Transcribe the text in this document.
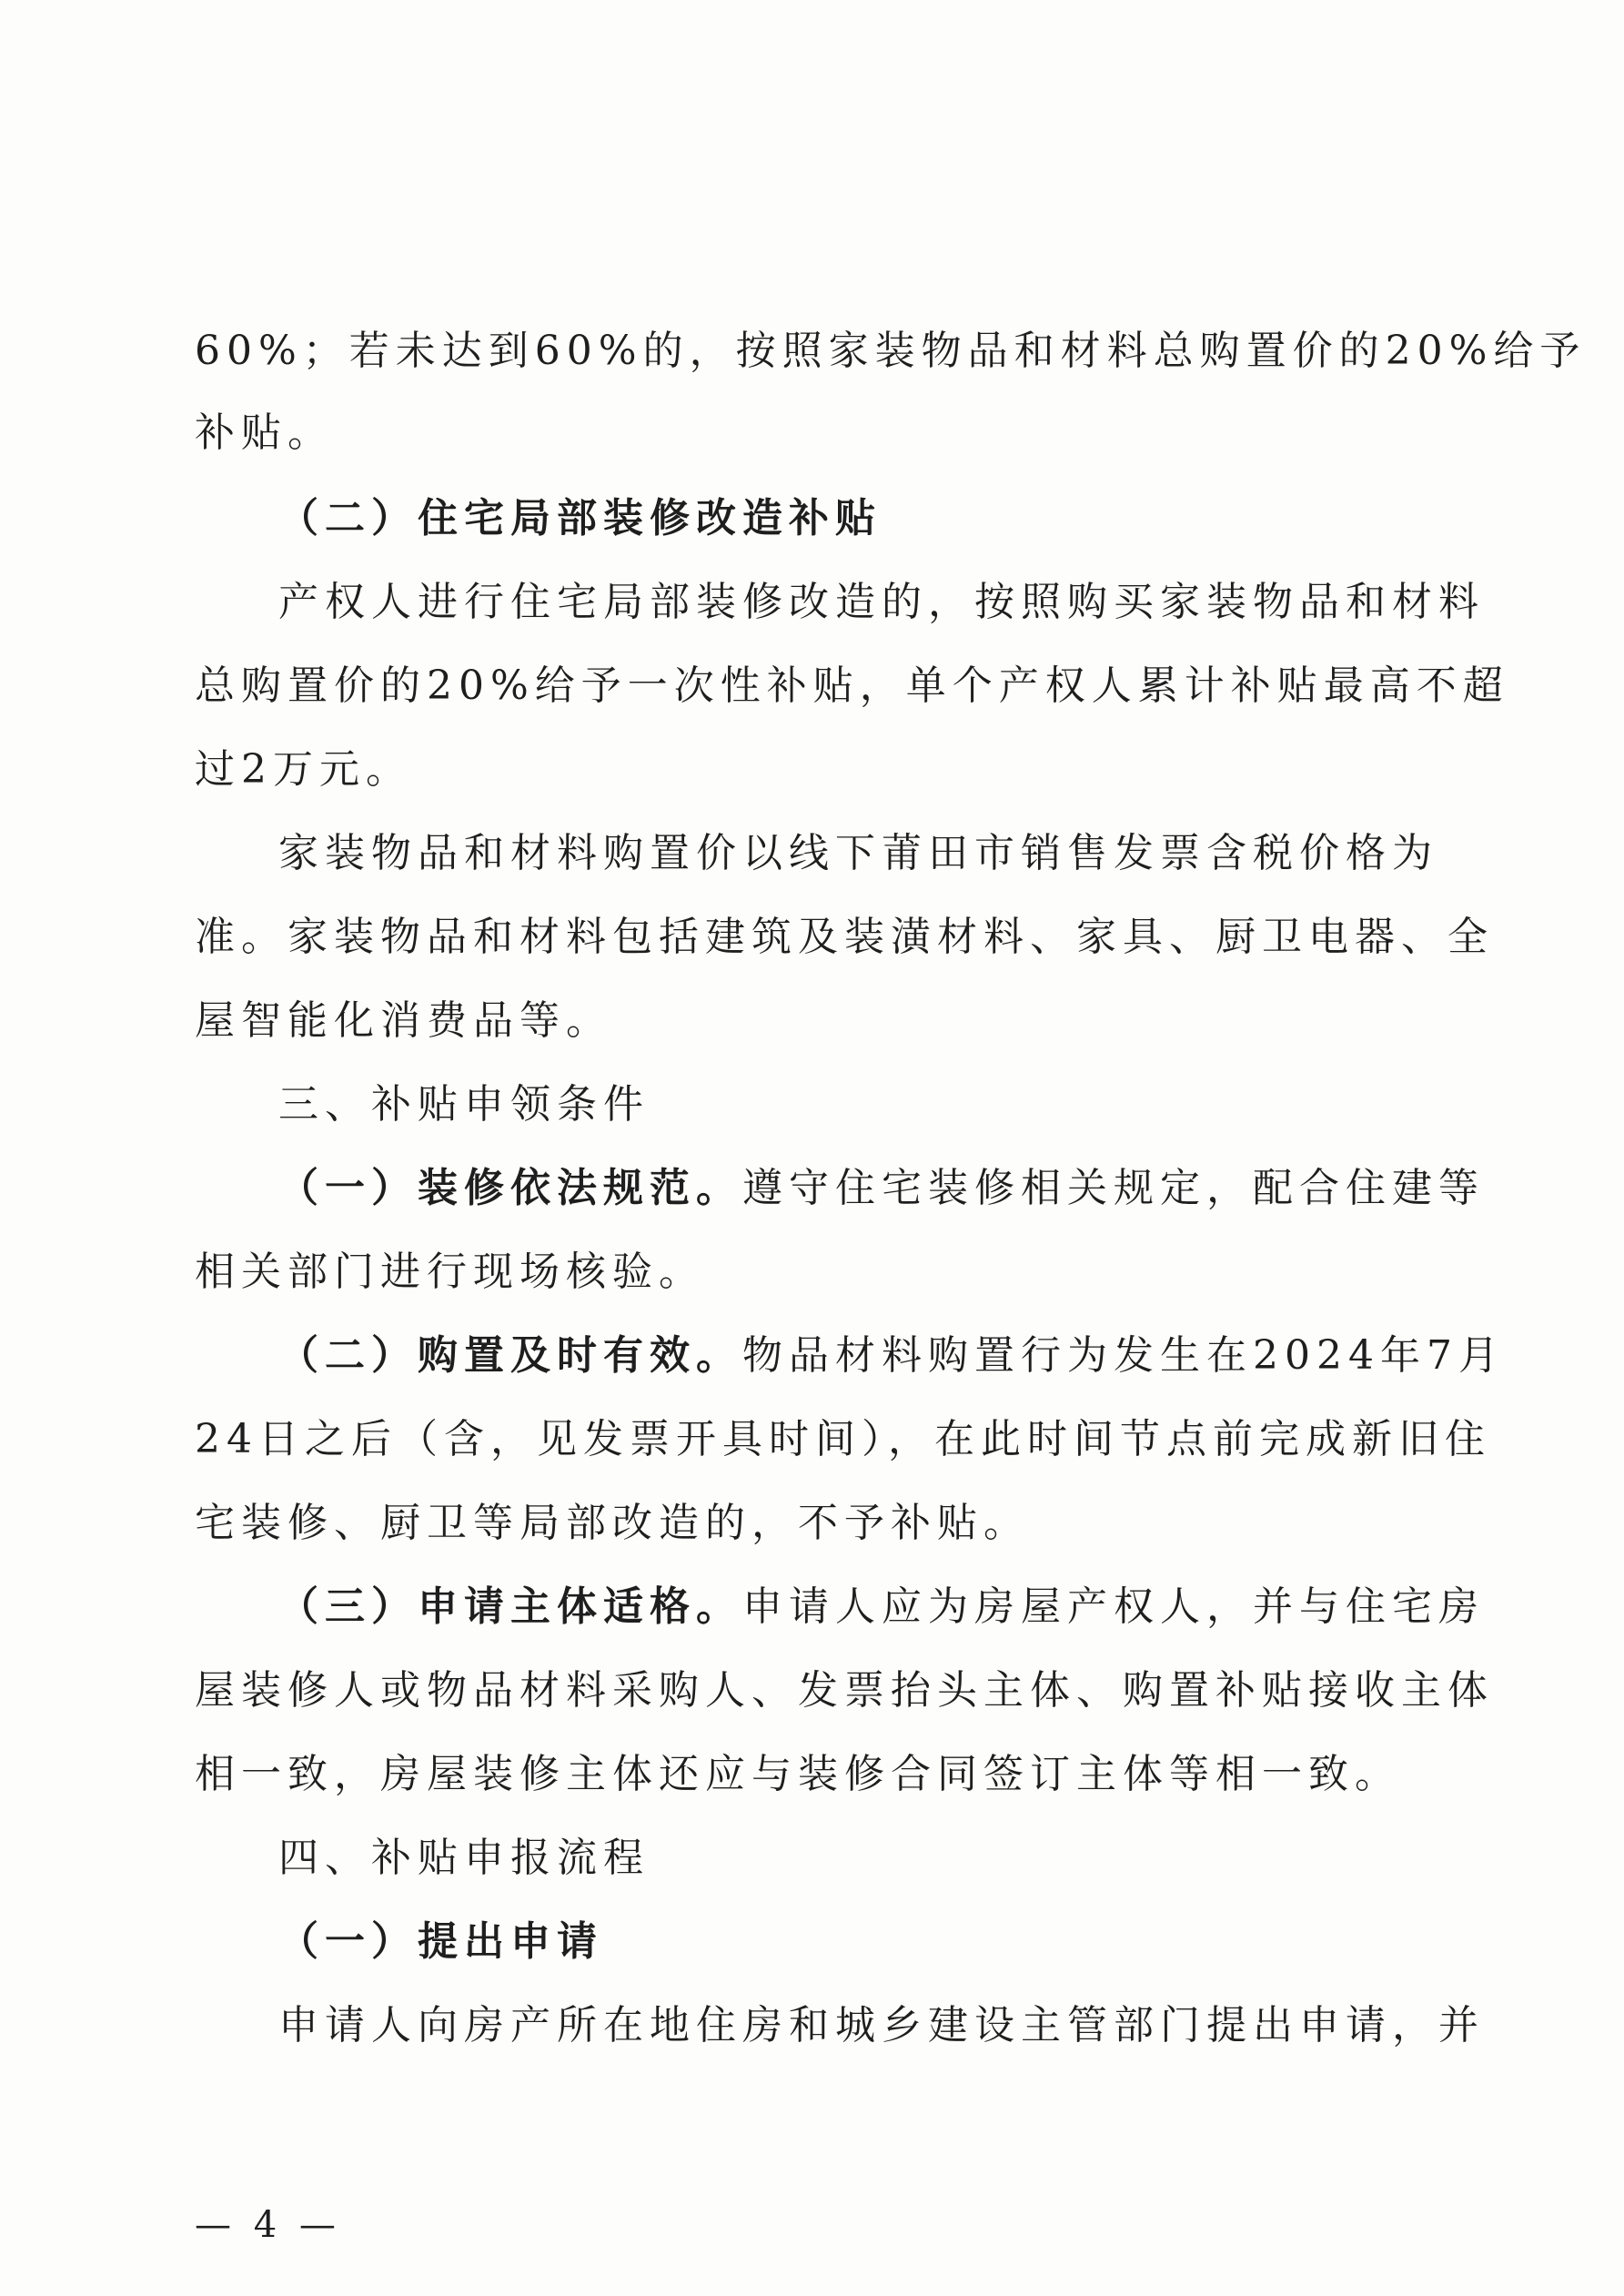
60%；若未达到60%的，按照家装物品和材料总购置价的20%给予
补贴。
（二）住宅局部装修改造补贴
产权人进行住宅局部装修改造的，按照购买家装物品和材料
总购置价的20%给予一次性补贴，单个产权人累计补贴最高不超
过2万元。
家装物品和材料购置价以线下莆田市销售发票含税价格为
准。家装物品和材料包括建筑及装潢材料、家具、厨卫电器、全
屋智能化消费品等。
三、补贴申领条件
（一）装修依法规范。遵守住宅装修相关规定，配合住建等
相关部门进行现场核验。
（二）购置及时有效。物品材料购置行为发生在2024年7月
24日之后（含，见发票开具时间），在此时间节点前完成新旧住
宅装修、厨卫等局部改造的，不予补贴。
（三）申请主体适格。申请人应为房屋产权人，并与住宅房
屋装修人或物品材料采购人、发票抬头主体、购置补贴接收主体
相一致，房屋装修主体还应与装修合同签订主体等相一致。
四、补贴申报流程
（一）提出申请
申请人向房产所在地住房和城乡建设主管部门提出申请，并
— 4 —
